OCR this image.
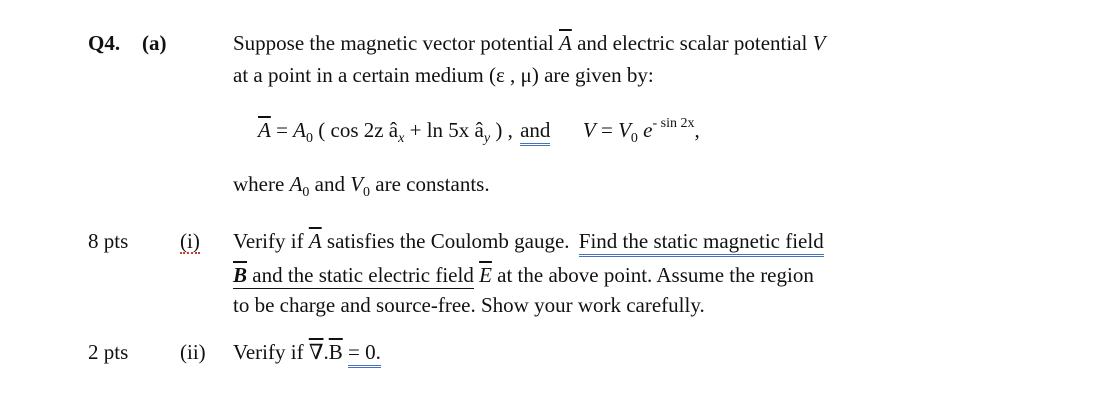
Q4. (a)	Suppose the magnetic vector potential $\overline{A}$ and electric scalar potential V
at a point in a certain medium (ε , μ) are given by:
$\overline{A} = A_0$ ( cos 2z $â_x + \ln 5x$ $â_y$ ) , and $V = V_0$ $e^{- sin 2x}$,
where $A_0$ and $V_0$ are constants.
8 pts (i) Verify if $\overline{A}$ satisfies the Coulomb gauge. Find the static magnetic field
$\overline{B}$ and the static electric field $\overline{E}$ at the above point. Assume the region
to be charge and source-free. Show your work carefully.
2 pts (ii) Verify if $\nabla.\overline{B} = 0$.
